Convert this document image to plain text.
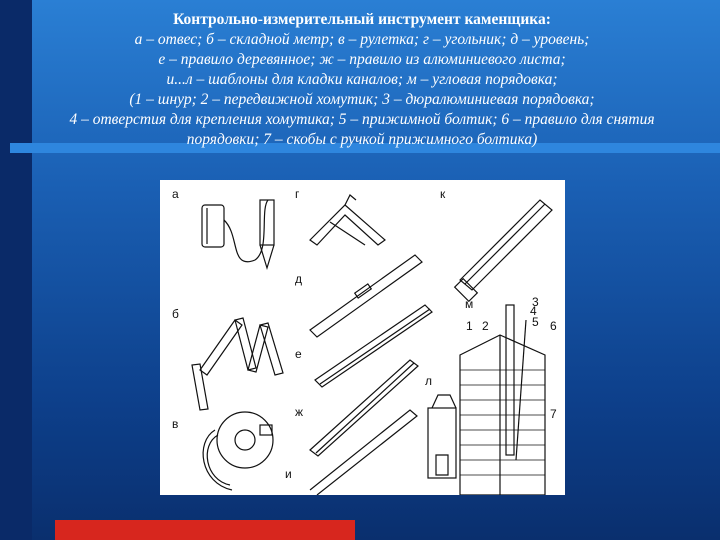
Контрольно-измерительный инструмент каменщика:
а – отвес; б – складной метр; в – рулетка; г – угольник; д – уровень;
е – правило деревянное; ж – правило из алюминиевого листа;
и...л – шаблоны для кладки каналов; м – угловая порядовка;
(1 – шнур; 2 – передвижной хомутик; 3 – дюралюминиевая порядовка;
4 – отверстия для крепления хомутика; 5 – прижимной болтик; 6 – правило для снятия
порядовки; 7 – скобы с ручкой прижимного болтика)
а
б
в
г
д
е
ж
и
к
л
м
1 2
3
4
5 6
7
